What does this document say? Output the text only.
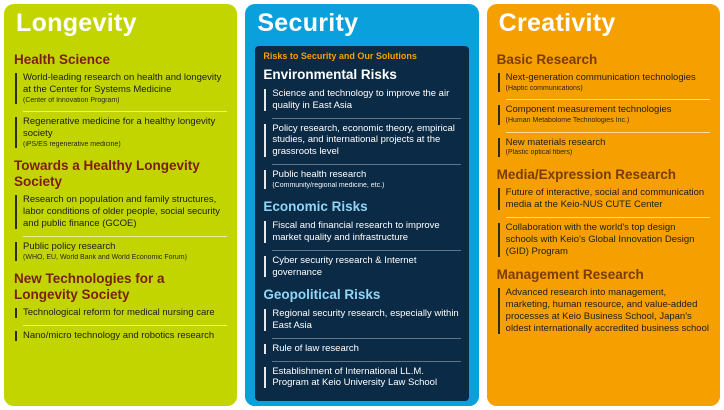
Longevity
Health Science
World-leading research on health and longevity at the Center for Systems Medicine
(Center of Innovation Program)
Regenerative medicine for a healthy longevity society
(iPS/ES regenerative medicine)
Towards a Healthy Longevity Society
Research on population and family structures, labor conditions of older people, social security and public finance (GCOE)
Public policy research
(WHO, EU, World Bank and World Economic Forum)
New Technologies for a Longevity Society
Technological reform for medical nursing care
Nano/micro technology and robotics research
Security
Risks to Security and Our Solutions
Environmental Risks
Science and technology to improve the air quality in East Asia
Policy research, economic theory, empirical studies, and international projects at the grassroots level
Public health research
(Community/regional medicine, etc.)
Economic Risks
Fiscal and financial research to improve market quality and infrastructure
Cyber security research & Internet governance
Geopolitical Risks
Regional security research, especially within East Asia
Rule of law research
Establishment of International LL.M. Program at Keio University Law School
Creativity
Basic Research
Next-generation communication technologies
(Haptic communications)
Component measurement technologies
(Human Metabolome Technologies Inc.)
New materials research
(Plastic optical fibers)
Media/Expression Research
Future of interactive, social and communication media at the Keio-NUS CUTE Center
Collaboration with the world's top design schools with Keio's Global Innovation Design (GID) Program
Management Research
Advanced research into management, marketing, human resource, and value-added processes at Keio Business School, Japan's oldest internationally accredited business school
